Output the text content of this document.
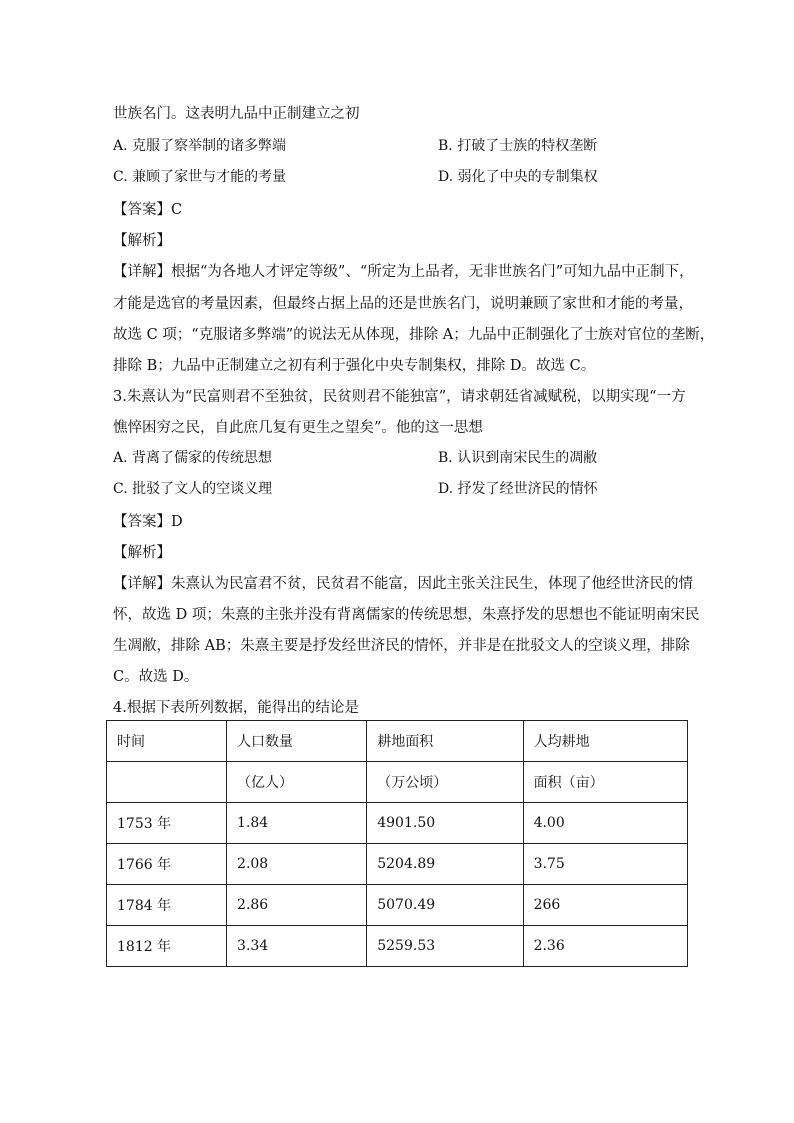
世族名门。这表明九品中正制建立之初
A. 克服了察举制的诸多弊端	B. 打破了士族的特权垄断
C. 兼顾了家世与才能的考量	D. 弱化了中央的专制集权
【答案】C
【解析】
【详解】根据“为各地人才评定等级”、“所定为上品者，无非世族名门”可知九品中正制下，
才能是选官的考量因素，但最终占据上品的还是世族名门，说明兼顾了家世和才能的考量，
故选 C 项；“克服诸多弊端”的说法无从体现，排除 A；九品中正制强化了士族对官位的垄断，
排除 B；九品中正制建立之初有利于强化中央专制集权，排除 D。故选 C。
3.朱熹认为“民富则君不至独贫，民贫则君不能独富”，请求朝廷省减赋税，以期实现“一方
憔悴困穷之民，自此庶几复有更生之望矣”。他的这一思想
A. 背离了儒家的传统思想	B. 认识到南宋民生的凋敝
C. 批驳了文人的空谈义理	D. 抒发了经世济民的情怀
【答案】D
【解析】
【详解】朱熹认为民富君不贫，民贫君不能富，因此主张关注民生，体现了他经世济民的情
怀，故选 D 项；朱熹的主张并没有背离儒家的传统思想，朱熹抒发的思想也不能证明南宋民
生凋敝，排除 AB；朱熹主要是抒发经世济民的情怀，并非是在批驳文人的空谈义理，排除
C。故选 D。
4.根据下表所列数据，能得出的结论是
时间	人口数量	耕地面积	人均耕地
	（亿人）	（万公顷）	面积（亩）
1753 年	1.84	4901.50	4.00
1766 年	2.08	5204.89	3.75
1784 年	2.86	5070.49	266
1812 年	3.34	5259.53	2.36
